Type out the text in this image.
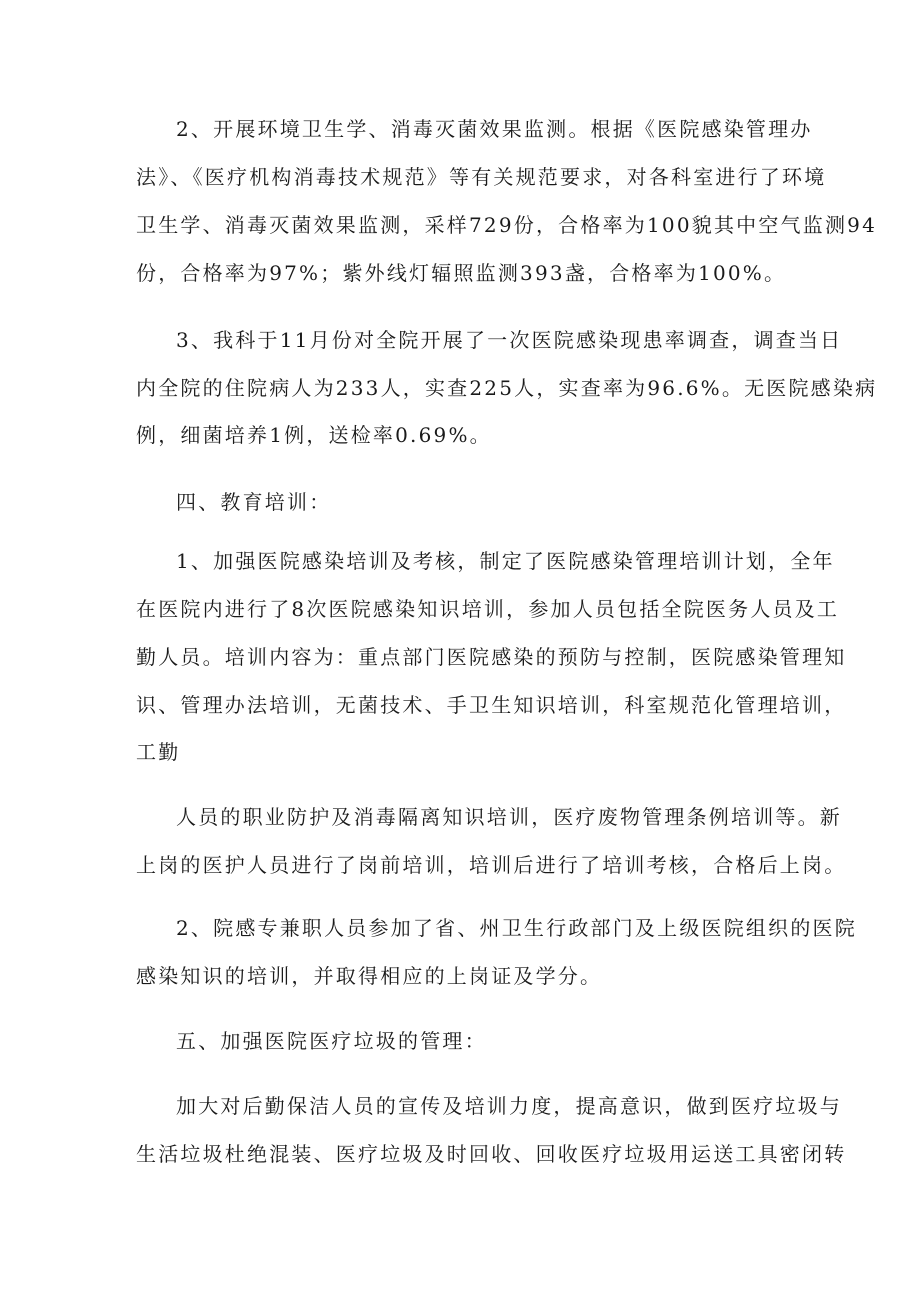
2、开展环境卫生学、消毒灭菌效果监测。根据《医院感染管理办
法》、《医疗机构消毒技术规范》等有关规范要求，对各科室进行了环境
卫生学、消毒灭菌效果监测，采样729份，合格率为100貌其中空气监测94
份，合格率为97%；紫外线灯辐照监测393盏，合格率为100%。
3、我科于11月份对全院开展了一次医院感染现患率调查，调查当日
内全院的住院病人为233人，实查225人，实查率为96.6%。无医院感染病
例，细菌培养1例，送检率0.69%。
四、教育培训：
1、加强医院感染培训及考核，制定了医院感染管理培训计划，全年
在医院内进行了8次医院感染知识培训，参加人员包括全院医务人员及工
勤人员。培训内容为：重点部门医院感染的预防与控制，医院感染管理知
识、管理办法培训，无菌技术、手卫生知识培训，科室规范化管理培训，
工勤
人员的职业防护及消毒隔离知识培训，医疗废物管理条例培训等。新
上岗的医护人员进行了岗前培训，培训后进行了培训考核，合格后上岗。
2、院感专兼职人员参加了省、州卫生行政部门及上级医院组织的医院
感染知识的培训，并取得相应的上岗证及学分。
五、加强医院医疗垃圾的管理：
加大对后勤保洁人员的宣传及培训力度，提高意识，做到医疗垃圾与
生活垃圾杜绝混装、医疗垃圾及时回收、回收医疗垃圾用运送工具密闭转
